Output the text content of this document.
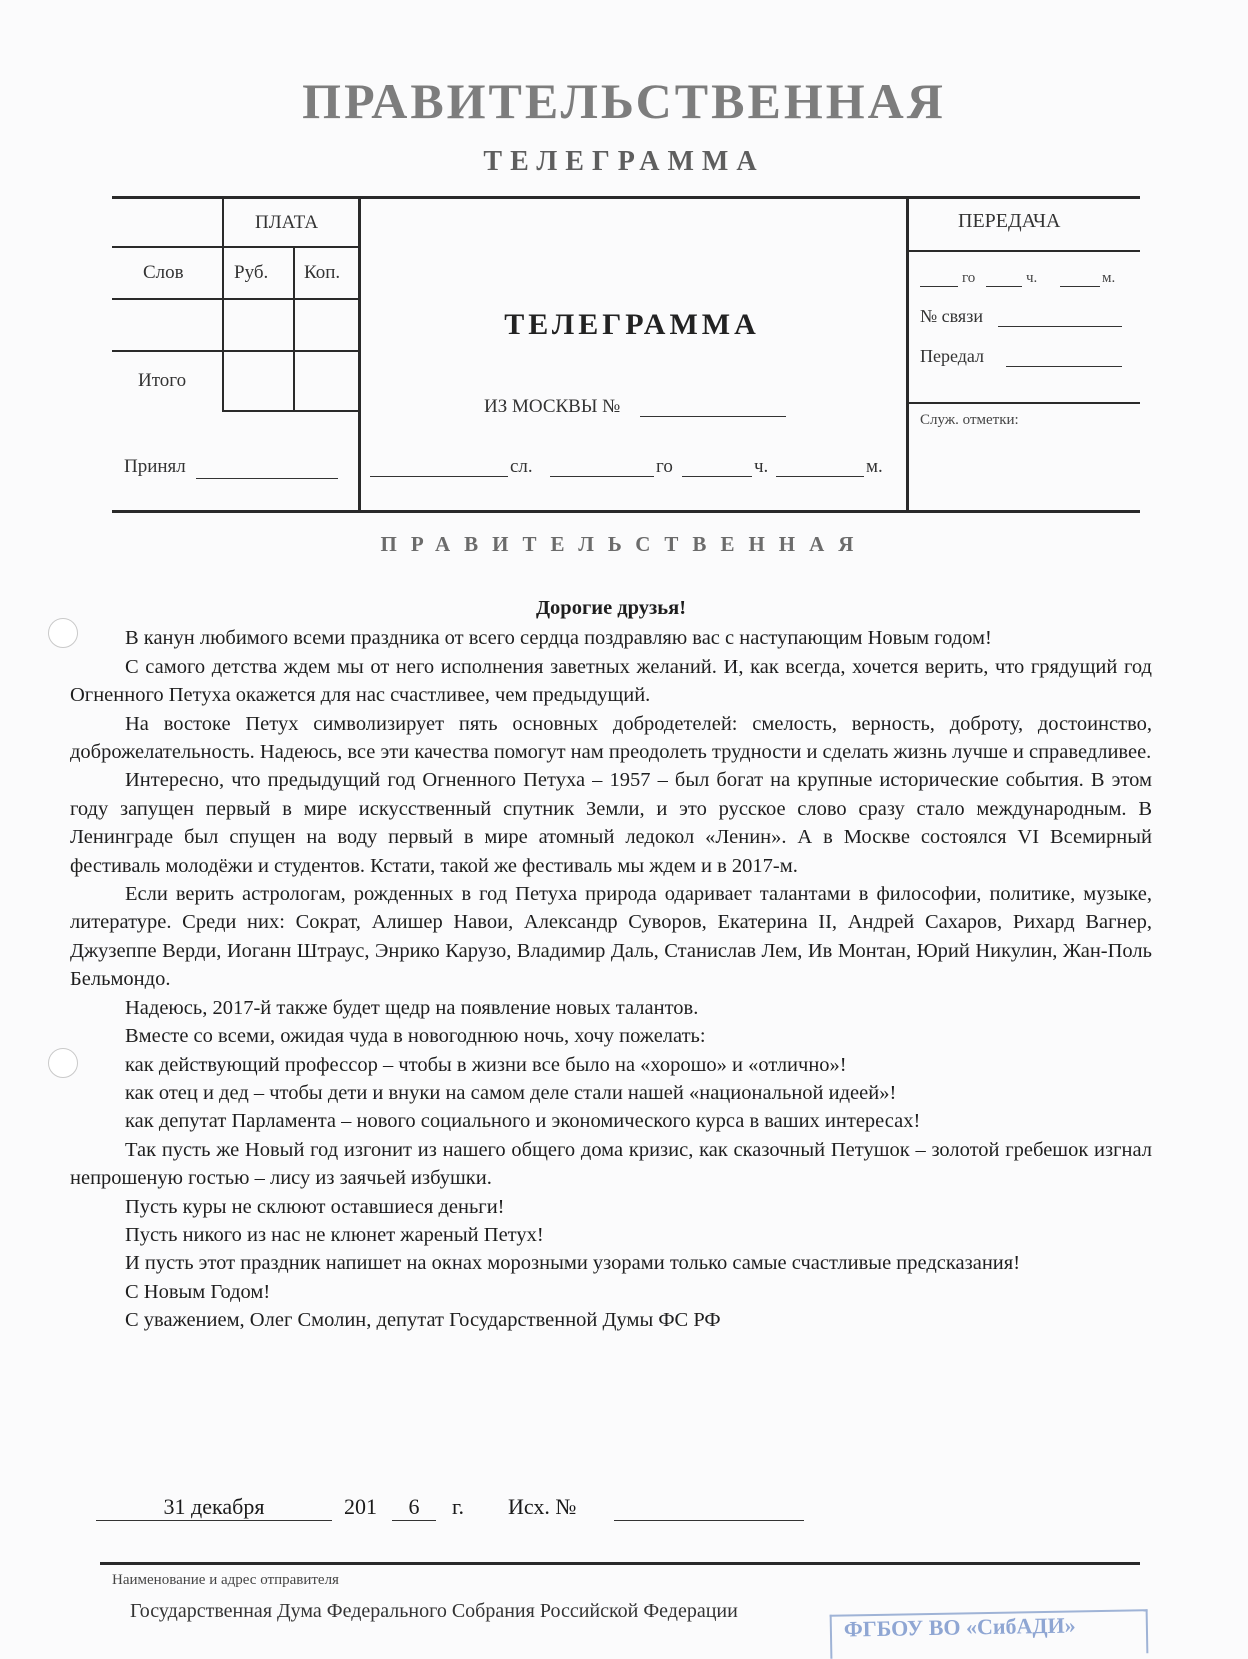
ПРАВИТЕЛЬСТВЕННАЯ
ТЕЛЕГРАММА
ПЛАТА
Слов	Руб. Коп.
Итого
Принял
ТЕЛЕГРАММА
ИЗ МОСКВЫ №
сл.	го	ч.	м.
ПЕРЕДАЧА
го	ч.	м.
№ связи
Передал
Служ. отметки:
ПРАВИТЕЛЬСТВЕННАЯ
Дорогие друзья!

В канун любимого всеми праздника от всего сердца поздравляю вас с наступающим Новым годом!

С самого детства ждем мы от него исполнения заветных желаний. И, как всегда, хочется верить, что грядущий год Огненного Петуха окажется для нас счастливее, чем предыдущий.

На востоке Петух символизирует пять основных добродетелей: смелость, верность, доброту, достоинство, доброжелательность. Надеюсь, все эти качества помогут нам преодолеть трудности и сделать жизнь лучше и справедливее.

Интересно, что предыдущий год Огненного Петуха – 1957 – был богат на крупные исторические события. В этом году запущен первый в мире искусственный спутник Земли, и это русское слово сразу стало международным. В Ленинграде был спущен на воду первый в мире атомный ледокол «Ленин». А в Москве состоялся VI Всемирный фестиваль молодёжи и студентов. Кстати, такой же фестиваль мы ждем и в 2017-м.

Если верить астрологам, рожденных в год Петуха природа одаривает талантами в философии, политике, музыке, литературе. Среди них: Сократ, Алишер Навои, Александр Суворов, Екатерина II, Андрей Сахаров, Рихард Вагнер, Джузеппе Верди, Иоганн Штраус, Энрико Карузо, Владимир Даль, Станислав Лем, Ив Монтан, Юрий Никулин, Жан-Поль Бельмондо.

Надеюсь, 2017-й также будет щедр на появление новых талантов.

Вместе со всеми, ожидая чуда в новогоднюю ночь, хочу пожелать:

как действующий профессор – чтобы в жизни все было на «хорошо» и «отлично»!

как отец и дед – чтобы дети и внуки на самом деле стали нашей «национальной идеей»!

как депутат Парламента – нового социального и экономического курса в ваших интересах!

Так пусть же Новый год изгонит из нашего общего дома кризис, как сказочный Петушок – золотой гребешок изгнал непрошеную гостью – лису из заячьей избушки.

Пусть куры не склюют оставшиеся деньги!

Пусть никого из нас не клюнет жареный Петух!

И пусть этот праздник напишет на окнах морозными узорами только самые счастливые предсказания!

С Новым Годом!

С уважением, Олег Смолин, депутат Государственной Думы ФС РФ

31 декабря	201	6	г. Исх. №
Наименование и адрес отправителя
Государственная Дума Федерального Собрания Российской Федерации
ФГБОУ ВО «СибАДИ»
